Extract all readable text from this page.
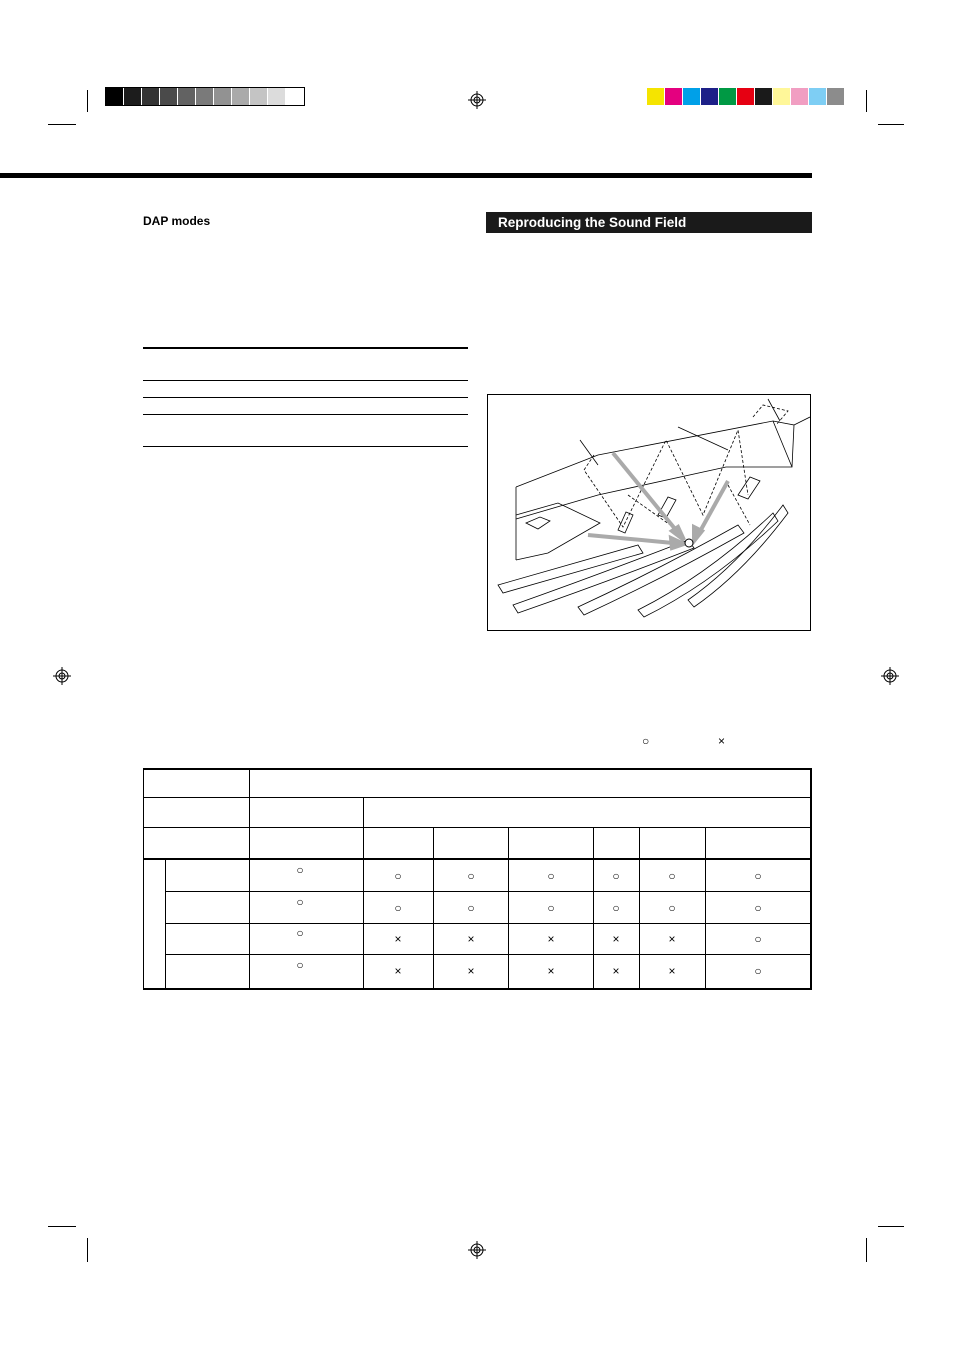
DAP modes	Reproducing the Sound Field
○	×
○	○	○	○	○	○	○
○	○	○	○	○	○	○
○	×	×	×	×	×	○
○	×	×	×	×	×	○
